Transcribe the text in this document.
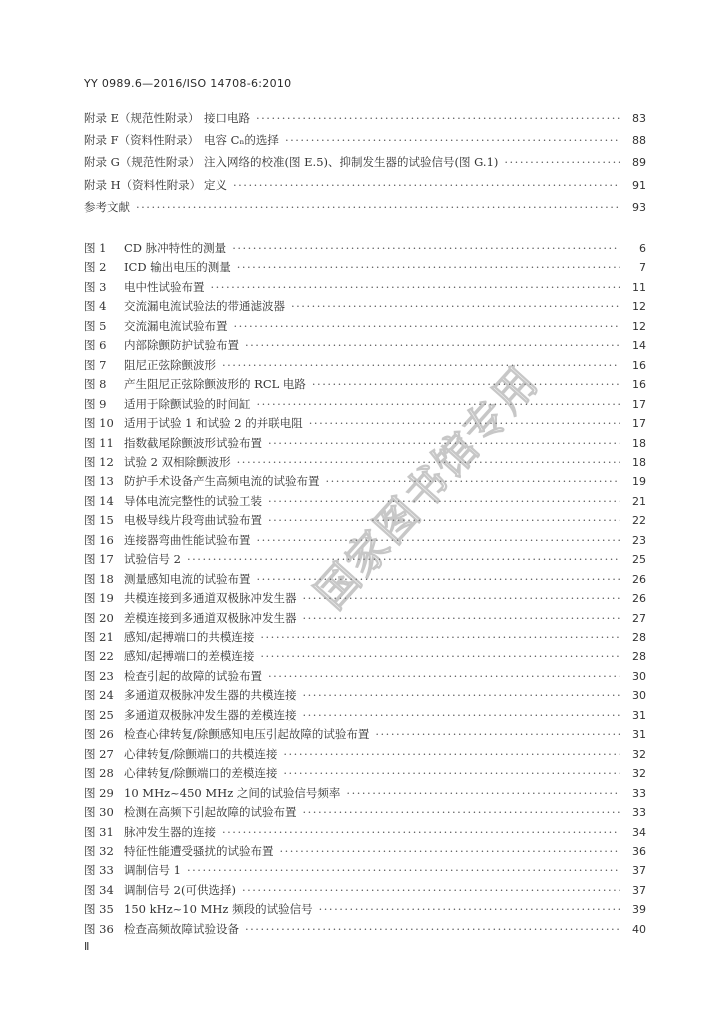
YY 0989.6—2016/ISO 14708-6:2010
附录 E（规范性附录） 接口电路 ·····	83
附录 F（资料性附录） 电容 Cₙ的选择 ·····	88
附录 G（规范性附录） 注入网络的校准(图 E.5)、抑制发生器的试验信号(图 G.1) ·····	89
附录 H（资料性附录） 定义 ·····	91
参考文献 ·····	93
图 1 CD 脉冲特性的测量 ·····	6
图 2 ICD 输出电压的测量 ·····	7
图 3 电中性试验布置 ·····	11
图 4 交流漏电流试验法的带通滤波器 ·····	12
图 5 交流漏电流试验布置 ·····	12
图 6 内部除颤防护试验布置 ·····	14
图 7 阻尼正弦除颤波形 ·····	16
图 8 产生阻尼正弦除颤波形的 RCL 电路 ·····	16
图 9 适用于除颤试验的时间缸 ·····	17
图 10 适用于试验 1 和试验 2 的并联电阻 ·····	17
图 11 指数截尾除颤波形试验布置 ·····	18
图 12 试验 2 双相除颤波形 ·····	18
图 13 防护手术设备产生高频电流的试验布置 ·····	19
图 14 导体电流完整性的试验工装 ·····	21
图 15 电极导线片段弯曲试验布置 ·····	22
图 16 连接器弯曲性能试验布置 ·····	23
图 17 试验信号 2 ·····	25
图 18 测量感知电流的试验布置 ·····	26
图 19 共模连接到多通道双极脉冲发生器 ·····	26
图 20 差模连接到多通道双极脉冲发生器 ·····	27
图 21 感知/起搏端口的共模连接 ·····	28
图 22 感知/起搏端口的差模连接 ·····	28
图 23 检查引起的故障的试验布置 ·····	30
图 24 多通道双极脉冲发生器的共模连接 ·····	30
图 25 多通道双极脉冲发生器的差模连接 ·····	31
图 26 检查心律转复/除颤感知电压引起故障的试验布置 ·····	31
图 27 心律转复/除颤端口的共模连接 ·····	32
图 28 心律转复/除颤端口的差模连接 ·····	32
图 29 10 MHz~450 MHz 之间的试验信号频率 ·····	33
图 30 检测在高频下引起故障的试验布置 ·····	33
图 31 脉冲发生器的连接 ·····	34
图 32 特征性能遭受骚扰的试验布置 ·····	36
图 33 调制信号 1 ·····	37
图 34 调制信号 2(可供选择) ·····	37
图 35 150 kHz~10 MHz 频段的试验信号 ·····	39
图 36 检查高频故障试验设备 ·····	40
Ⅱ
国家图书馆专用
